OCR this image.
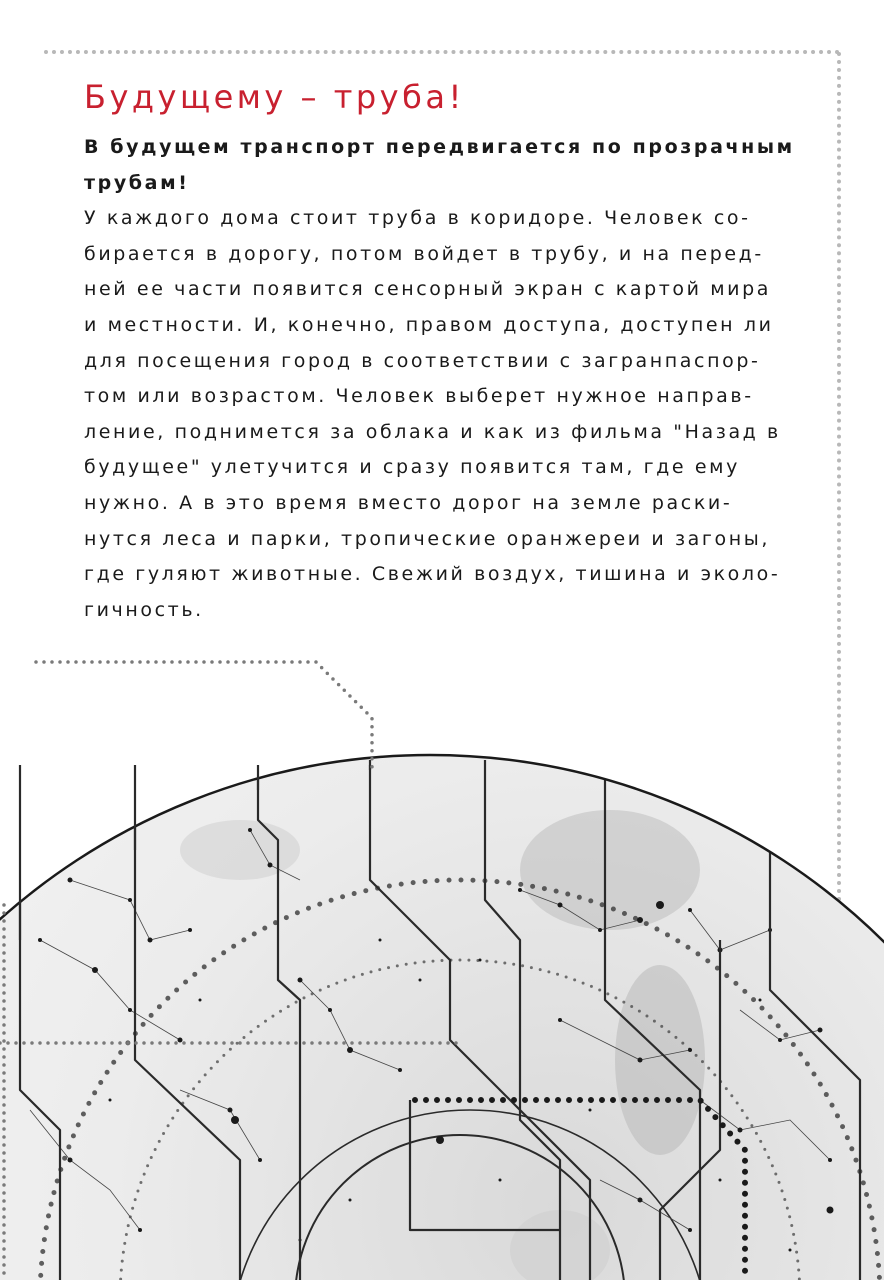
Будущему – труба!

В будущем транспорт передвигается по прозрачным

трубам!

У каждого дома стоит труба в коридоре. Человек со-

бирается в дорогу, потом войдет в трубу, и на перед-

ней ее части появится сенсорный экран с картой мира

и местности. И, конечно, правом доступа, доступен ли

для посещения город в соответствии с загранпаспор-

том или возрастом. Человек выберет нужное направ-

ление, поднимется за облака и как из фильма "Назад в

будущее" улетучится и сразу появится там, где ему

нужно. А в это время вместо дорог на земле раски-

нутся леса и парки, тропические оранжереи и загоны,

где гуляют животные. Свежий воздух, тишина и эколо-

гичность.
